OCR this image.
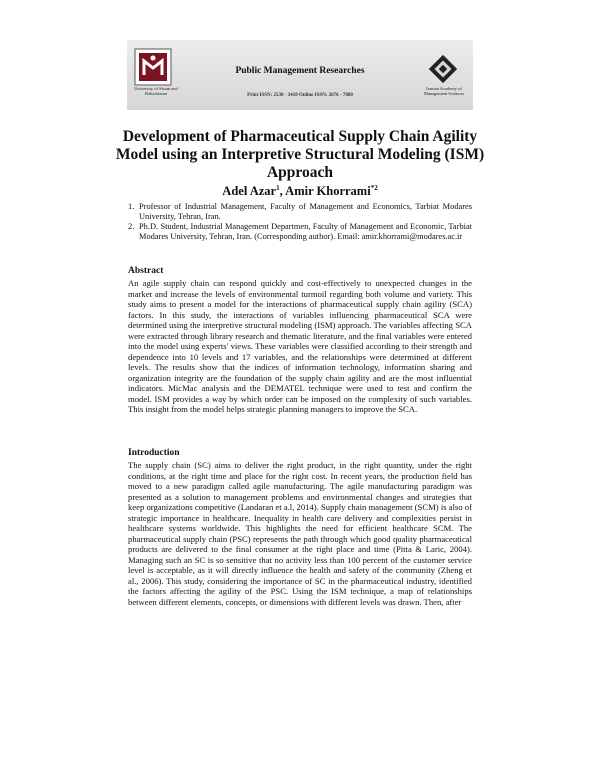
University of Sistan and Baluchestan
Public Management Researches
Print ISSN: 2538 - 3418 Online ISSN: 2676 - 7880
Iranian Academy of Management Sciences
Development of Pharmaceutical Supply Chain Agility Model using an Interpretive Structural Modeling (ISM) Approach
Adel Azar$^1$, Amir Khorrami$^{*2}$
1. Professor of Industrial Management, Faculty of Management and Economics, Tarbiat Modares University, Tehran, Iran.
2. Ph.D. Student, Industrial Management Departmen, Faculty of Management and Economic, Tarbiat Modares University, Tehran, Iran. (Corresponding author). Email: amir.khorrami@modares.ac.ir
Abstract

An agile supply chain can respond quickly and cost-effectively to unexpected changes in the market and increase the levels of environmental turmoil regarding both volume and variety. This study aims to present a model for the interactions of pharmaceutical supply chain agility (SCA) factors. In this study, the interactions of variables influencing pharmaceutical SCA were determined using the interpretive structural modeling (ISM) approach. The variables affecting SCA were extracted through library research and thematic literature, and the final variables were entered into the model using experts' views. These variables were classified according to their strength and dependence into 10 levels and 17 variables, and the relationships were determined at different levels. The results show that the indices of information technology, information sharing and organization integrity are the foundation of the supply chain agility and are the most influential indicators. MicMac analysis and the DEMATEL technique were used to test and confirm the model. ISM provides a way by which order can be imposed on the complexity of such variables. This insight from the model helps strategic planning managers to improve the SCA.

Introduction

The supply chain (SC) aims to deliver the right product, in the right quantity, under the right conditions, at the right time and place for the right cost. In recent years, the production field has moved to a new paradigm called agile manufacturing. The agile manufacturing paradigm was presented as a solution to management problems and environmental changes and strategies that keep organizations competitive (Landaran et a.l, 2014). Supply chain management (SCM) is also of strategic importance in healthcare. Inequality in health care delivery and complexities persist in healthcare systems worldwide. This highlights the need for efficient healthcare SCM. The pharmaceutical supply chain (PSC) represents the path through which good quality pharmaceutical products are delivered to the final consumer at the right place and time (Pitta & Laric, 2004). Managing such an SC is so sensitive that no activity less than 100 percent of the customer service level is acceptable, as it will directly influence the health and safety of the community (Zheng et al., 2006). This study, considering the importance of SC in the pharmaceutical industry, identified the factors affecting the agility of the PSC. Using the ISM technique, a map of relationships between different elements, concepts, or dimensions with different levels was drawn. Then, after
